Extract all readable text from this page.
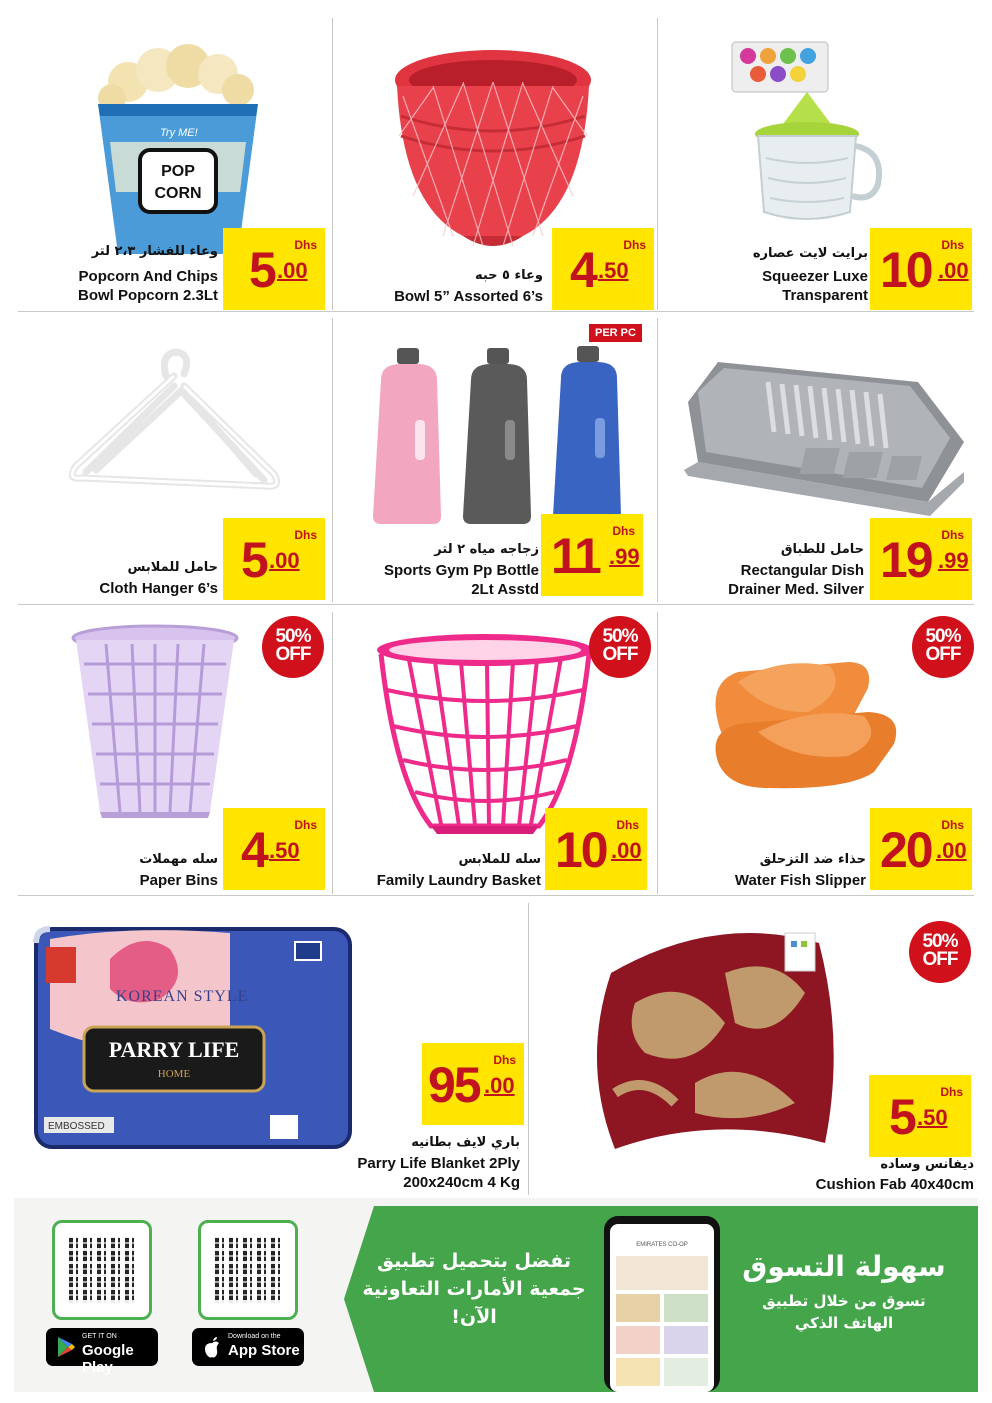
POP
CORN
Try ME!
5 .00
Dhs
وعاء للفشار ٢،٣ لتر
Popcorn And Chips
Bowl Popcorn 2.3Lt	4 .50
Dhs
وعاء ٥ حبه
Bowl 5” Assorted 6’s	10 .00
Dhs
برايت لايت عصاره
Squeezer Luxe
Transparent
5 .00
Dhs
حامل للملابس
Cloth Hanger 6’s
PER PC
11 .99
Dhs
زجاجه مياه ٢ لتر
Sports Gym Pp Bottle
2Lt Asstd
19 .99
Dhs
حامل للطباق
Rectangular Dish
Drainer Med. Silver
50%
OFF
4 .50
Dhs
سله مهملات
Paper Bins
50%
OFF
10 .00
Dhs
سله للملابس
Family Laundry Basket
50%
OFF
20 .00
Dhs
حذاء ضد التزحلق
Water Fish Slipper
KOREAN STYLE
PARRY LIFE
HOME
EMBOSSED
95 .00
Dhs
باري لايف بطانيه
Parry Life Blanket 2Ply
200x240cm 4 Kg
50%
OFF
5 .50
Dhs
ديفانس وساده
Cushion Fab 40x40cm
GET IT ON
Google Play
Download on the
App Store
تفضل بتحميل تطبيق
جمعية الأمارات التعاونية
الآن!
EMIRATES CO-OP
سهولة التسوق
تسوق من خلال تطبيق
الهاتف الذكي
